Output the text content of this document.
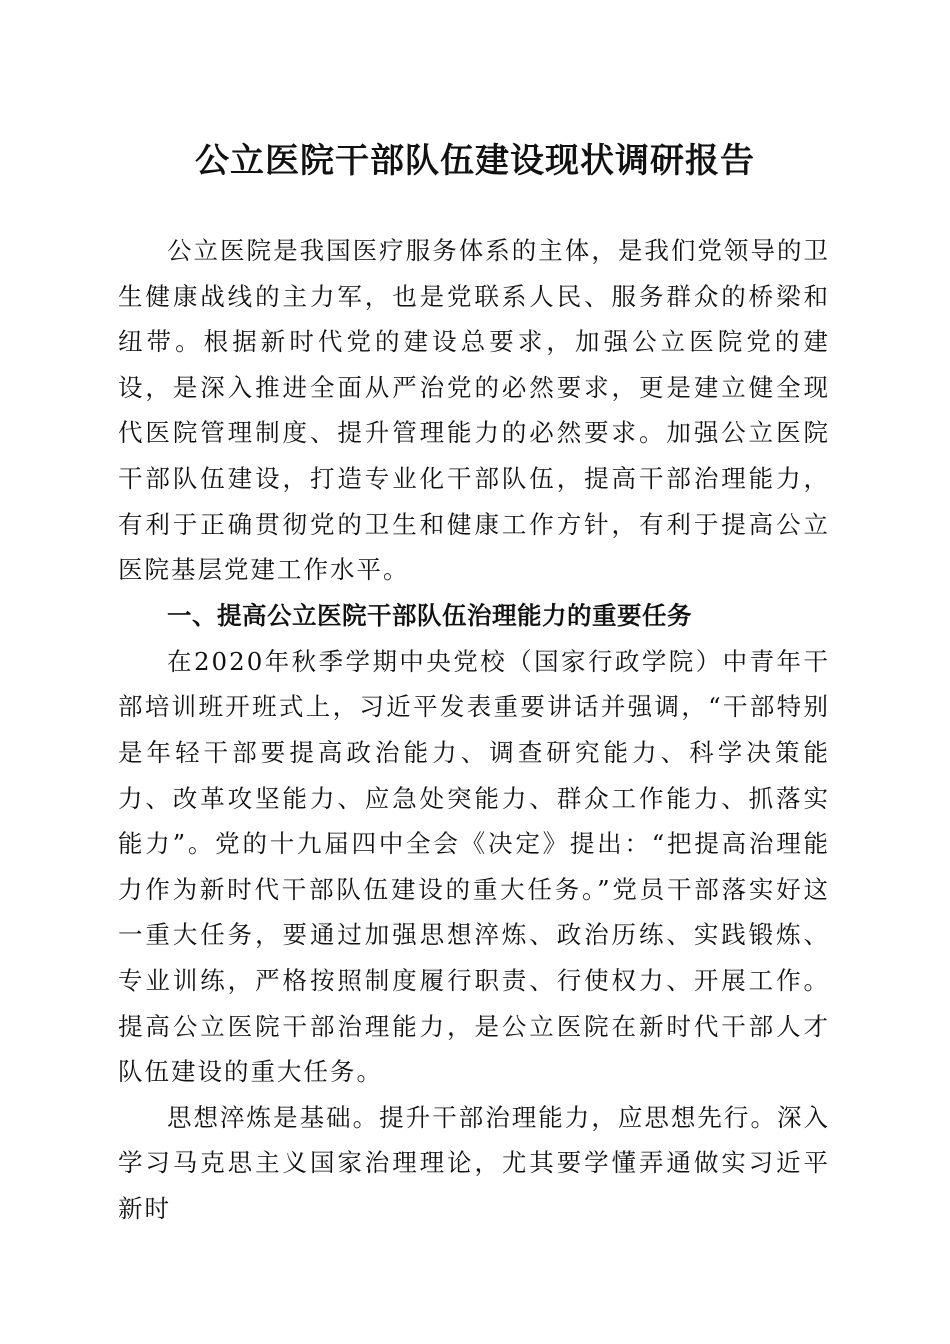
公立医院干部队伍建设现状调研报告

公立医院是我国医疗服务体系的主体，是我们党领导的卫生健康战线的主力军，也是党联系人民、服务群众的桥梁和纽带。根据新时代党的建设总要求，加强公立医院党的建设，是深入推进全面从严治党的必然要求，更是建立健全现代医院管理制度、提升管理能力的必然要求。加强公立医院干部队伍建设，打造专业化干部队伍，提高干部治理能力，有利于正确贯彻党的卫生和健康工作方针，有利于提高公立医院基层党建工作水平。

一、提高公立医院干部队伍治理能力的重要任务

在2020年秋季学期中央党校（国家行政学院）中青年干部培训班开班式上，习近平发表重要讲话并强调，“干部特别是年轻干部要提高政治能力、调查研究能力、科学决策能力、改革攻坚能力、应急处突能力、群众工作能力、抓落实能力”。党的十九届四中全会《决定》提出：“把提高治理能力作为新时代干部队伍建设的重大任务。”党员干部落实好这一重大任务，要通过加强思想淬炼、政治历练、实践锻炼、专业训练，严格按照制度履行职责、行使权力、开展工作。提高公立医院干部治理能力，是公立医院在新时代干部人才队伍建设的重大任务。

思想淬炼是基础。提升干部治理能力，应思想先行。深入学习马克思主义国家治理理论，尤其要学懂弄通做实习近平新时
